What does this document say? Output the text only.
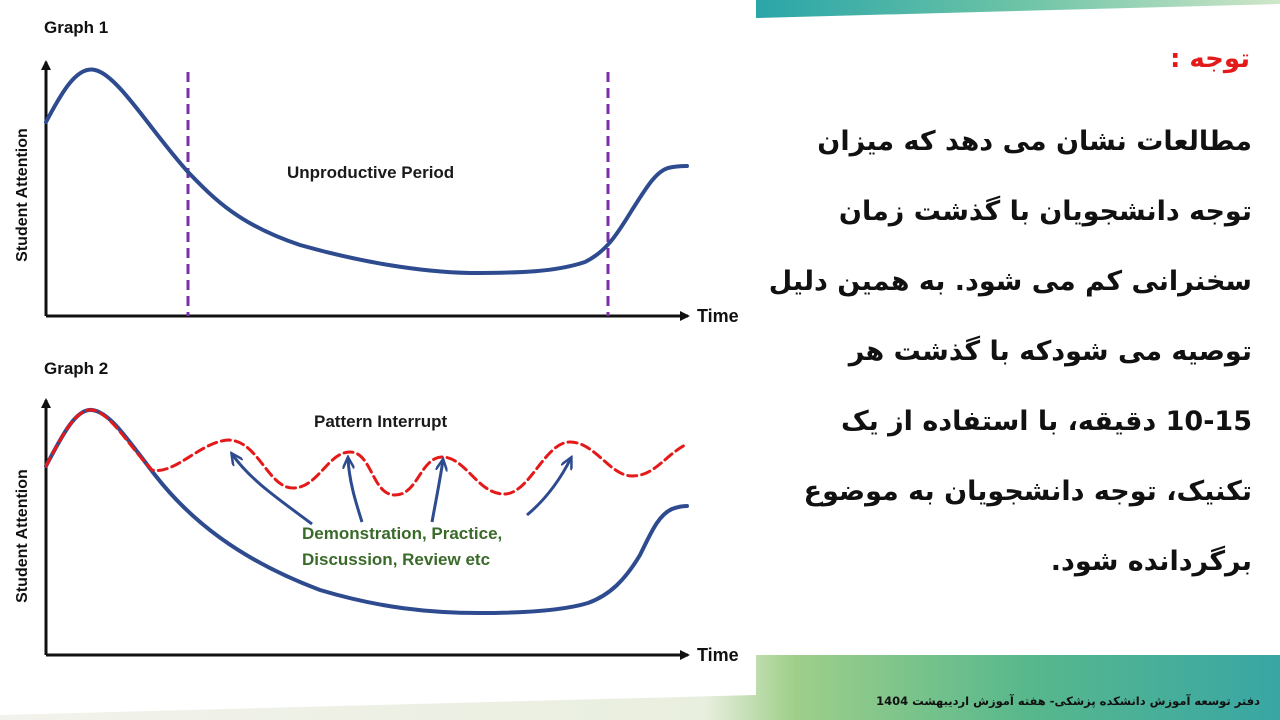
Graph 1
Student Attention
Time
Unproductive Period
Graph 2
Student Attention
Time
Pattern Interrupt
Demonstration, Practice,
Discussion, Review etc
توجه :
مطالعات نشان می دهد که میزان
توجه دانشجویان با گذشت زمان
سخنرانی کم می شود. به همین دلیل
توصیه می شودکه با گذشت هر
10-15 دقیقه، با استفاده از یک
تکنیک، توجه دانشجویان به موضوع
برگردانده شود.
دفتر توسعه آموزش دانشکده پزشکی- هفته آموزش اردیبهشت 1404
